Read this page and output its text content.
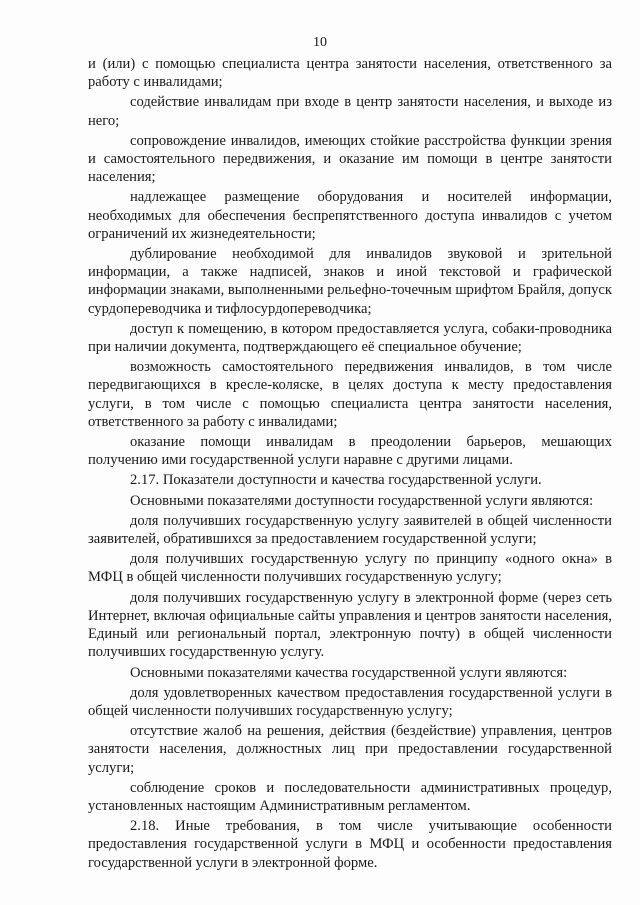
10

и (или) с помощью специалиста центра занятости населения, ответственного за работу с инвалидами;

содействие инвалидам при входе в центр занятости населения, и выходе из него;

сопровождение инвалидов, имеющих стойкие расстройства функции зрения и самостоятельного передвижения, и оказание им помощи в центре занятости населения;

надлежащее размещение оборудования и носителей информации, необходимых для обеспечения беспрепятственного доступа инвалидов с учетом ограничений их жизнедеятельности;

дублирование необходимой для инвалидов звуковой и зрительной информации, а также надписей, знаков и иной текстовой и графической информации знаками, выполненными рельефно-точечным шрифтом Брайля, допуск сурдопереводчика и тифлосурдопереводчика;

доступ к помещению, в котором предоставляется услуга, собаки-проводника при наличии документа, подтверждающего её специальное обучение;

возможность самостоятельного передвижения инвалидов, в том числе передвигающихся в кресле-коляске, в целях доступа к месту предоставления услуги, в том числе с помощью специалиста центра занятости населения, ответственного за работу с инвалидами;

оказание помощи инвалидам в преодолении барьеров, мешающих получению ими государственной услуги наравне с другими лицами.

2.17. Показатели доступности и качества государственной услуги.

Основными показателями доступности государственной услуги являются:

доля получивших государственную услугу заявителей в общей численности заявителей, обратившихся за предоставлением государственной услуги;

доля получивших государственную услугу по принципу «одного окна» в МФЦ в общей численности получивших государственную услугу;

доля получивших государственную услугу в электронной форме (через сеть Интернет, включая официальные сайты управления и центров занятости населения, Единый или региональный портал, электронную почту) в общей численности получивших государственную услугу.

Основными показателями качества государственной услуги являются:

доля удовлетворенных качеством предоставления государственной услуги в общей численности получивших государственную услугу;

отсутствие жалоб на решения, действия (бездействие) управления, центров занятости населения, должностных лиц при предоставлении государственной услуги;

соблюдение сроков и последовательности административных процедур, установленных настоящим Административным регламентом.

2.18. Иные требования, в том числе учитывающие особенности предоставления государственной услуги в МФЦ и особенности предоставления государственной услуги в электронной форме.
